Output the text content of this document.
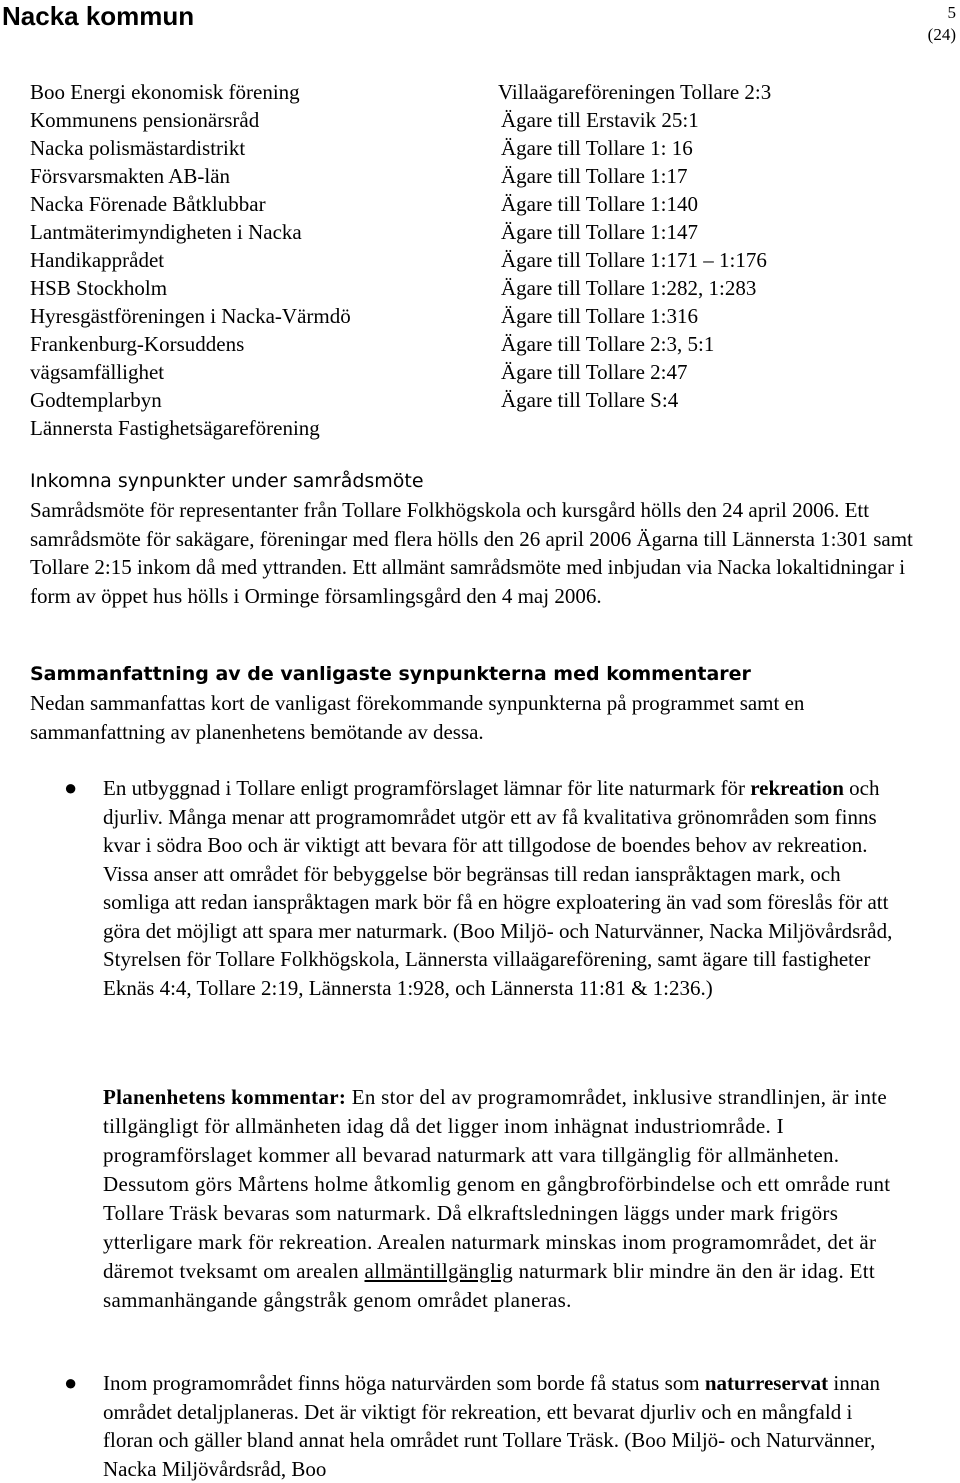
Nacka kommun	5
(24)
Boo Energi ekonomisk förening
Kommunens pensionärsråd
Nacka polismästardistrikt
Försvarsmakten AB-län
Nacka Förenade Båtklubbar
Lantmäterimyndigheten i Nacka
Handikapprådet
HSB Stockholm
Hyresgästföreningen i Nacka-Värmdö
Frankenburg-Korsuddens
vägsamfällighet
Godtemplarbyn
Lännersta Fastighetsägareförening
Villaägareföreningen Tollare 2:3
Ägare till Erstavik 25:1
Ägare till Tollare 1: 16
Ägare till Tollare 1:17
Ägare till Tollare 1:140
Ägare till Tollare 1:147
Ägare till Tollare 1:171 – 1:176
Ägare till Tollare 1:282, 1:283
Ägare till Tollare 1:316
Ägare till Tollare 2:3, 5:1
Ägare till Tollare 2:47
Ägare till Tollare S:4
Inkomna synpunkter under samrådsmöte
Samrådsmöte för representanter från Tollare Folkhögskola och kursgård hölls den 24 april 2006. Ett samrådsmöte för sakägare, föreningar med flera hölls den 26 april 2006 Ägarna till Lännersta 1:301 samt Tollare 2:15 inkom då med yttranden. Ett allmänt samrådsmöte med inbjudan via Nacka lokaltidningar i form av öppet hus hölls i Orminge församlingsgård den 4 maj 2006.
Sammanfattning av de vanligaste synpunkterna med kommentarer
Nedan sammanfattas kort de vanligast förekommande synpunkterna på programmet samt en sammanfattning av planenhetens bemötande av dessa.
● En utbyggnad i Tollare enligt programförslaget lämnar för lite naturmark för rekreation och djurliv. Många menar att programområdet utgör ett av få kvalitativa grönområden som finns kvar i södra Boo och är viktigt att bevara för att tillgodose de boendes behov av rekreation. Vissa anser att området för bebyggelse bör begränsas till redan ianspråktagen mark, och somliga att redan ianspråktagen mark bör få en högre exploatering än vad som föreslås för att göra det möjligt att spara mer naturmark. (Boo Miljö- och Naturvänner, Nacka Miljövårdsråd, Styrelsen för Tollare Folkhögskola, Lännersta villaägareförening, samt ägare till fastigheter Eknäs 4:4, Tollare 2:19, Lännersta 1:928, och Lännersta 11:81 & 1:236.)
Planenhetens kommentar: En stor del av programområdet, inklusive strandlinjen, är inte tillgängligt för allmänheten idag då det ligger inom inhägnat industriområde. I programförslaget kommer all bevarad naturmark att vara tillgänglig för allmänheten. Dessutom görs Mårtens holme åtkomlig genom en gångbroförbindelse och ett område runt Tollare Träsk bevaras som naturmark. Då elkraftsledningen läggs under mark frigörs ytterligare mark för rekreation. Arealen naturmark minskas inom programområdet, det är däremot tveksamt om arealen allmäntillgänglig naturmark blir mindre än den är idag. Ett sammanhängande gångstråk genom området planeras.
● Inom programområdet finns höga naturvärden som borde få status som naturreservat innan området detaljplaneras. Det är viktigt för rekreation, ett bevarat djurliv och en mångfald i floran och gäller bland annat hela området runt Tollare Träsk. (Boo Miljö- och Naturvänner, Nacka Miljövårdsråd, Boo
